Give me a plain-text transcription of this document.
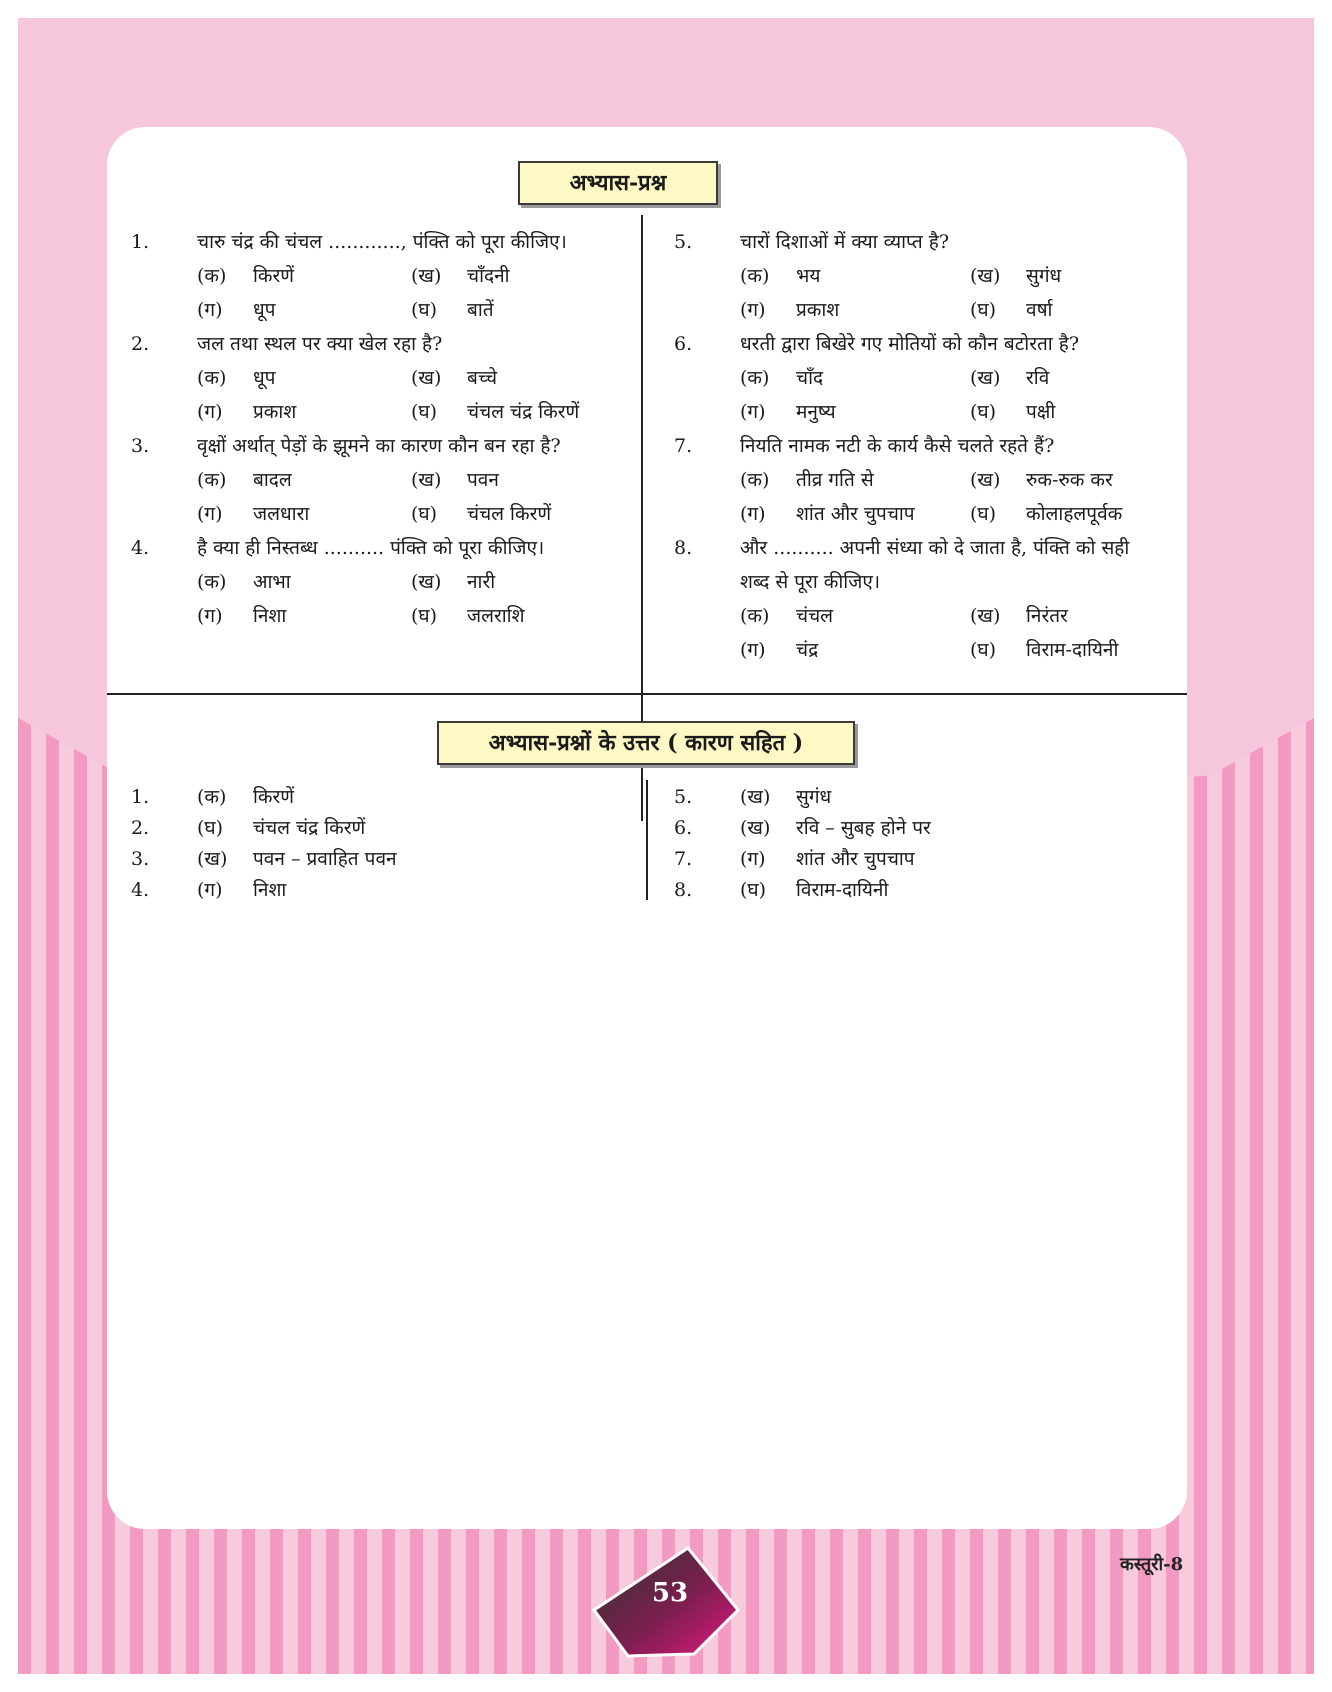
अभ्यास-प्रश्न
1.	चारु चंद्र की चंचल ............, पंक्ति को पूरा कीजिए।
(क) किरणें	(ख) चाँदनी
(ग) धूप	(घ) बातें
2.	जल तथा स्थल पर क्या खेल रहा है?
(क) धूप	(ख) बच्चे
(ग) प्रकाश	(घ) चंचल चंद्र किरणें
3.	वृक्षों अर्थात् पेड़ों के झूमने का कारण कौन बन रहा है?
(क) बादल	(ख) पवन
(ग) जलधारा	(घ) चंचल किरणें
4.	है क्या ही निस्तब्ध .......... पंक्ति को पूरा कीजिए।
(क) आभा	(ख) नारी
(ग) निशा	(घ) जलराशि
5.	चारों दिशाओं में क्या व्याप्त है?
(क) भय	(ख) सुगंध
(ग) प्रकाश	(घ) वर्षा
6.	धरती द्वारा बिखेरे गए मोतियों को कौन बटोरता है?
(क) चाँद	(ख) रवि
(ग) मनुष्य	(घ) पक्षी
7.	नियति नामक नटी के कार्य कैसे चलते रहते हैं?
(क) तीव्र गति से	(ख) रुक-रुक कर
(ग) शांत और चुपचाप	(घ) कोलाहलपूर्वक
8.	और .......... अपनी संध्या को दे जाता है, पंक्ति को सही
शब्द से पूरा कीजिए।
(क) चंचल	(ख) निरंतर
(ग) चंद्र	(घ) विराम-दायिनी
अभ्यास-प्रश्नों के उत्तर ( कारण सहित )
1.	(क) किरणें
2.	(घ) चंचल चंद्र किरणें
3.	(ख) पवन – प्रवाहित पवन
4.	(ग) निशा
5.	(ख) सुगंध
6.	(ख) रवि – सुबह होने पर
7.	(ग) शांत और चुपचाप
8.	(घ) विराम-दायिनी
53
कस्तूरी-8
